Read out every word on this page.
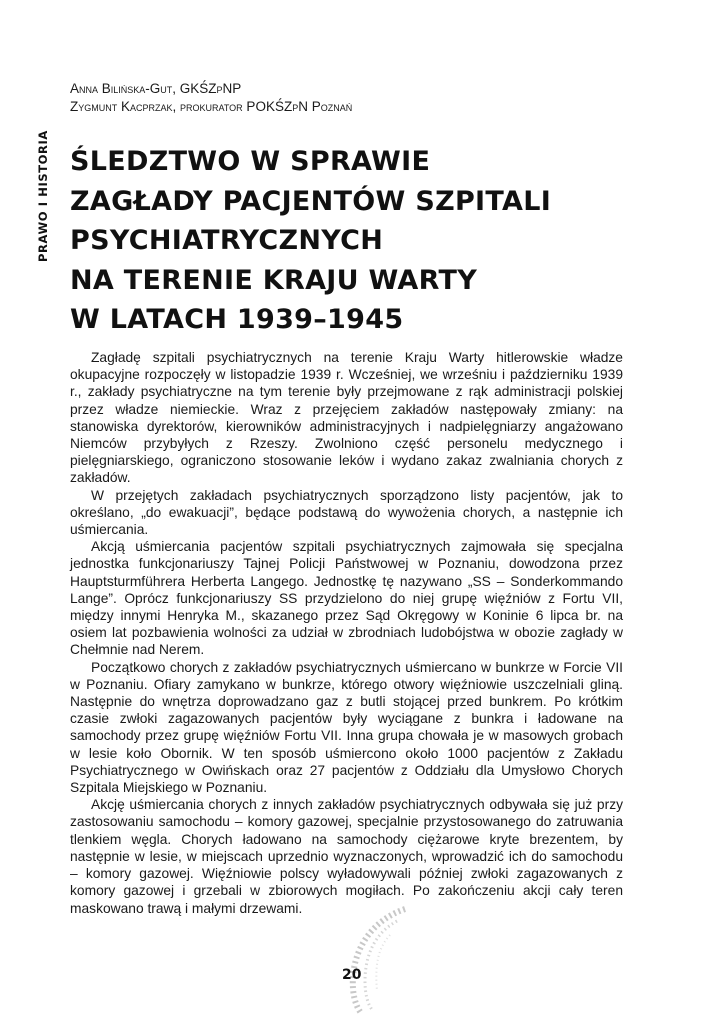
PRAWO I HISTORIA
Anna Bilińska-Gut, GKŚZpNP
Zygmunt Kacprzak, prokurator POKŚZpN Poznań
ŚLEDZTWO W SPRAWIE
ZAGŁADY PACJENTÓW SZPITALI
PSYCHIATRYCZNYCH
NA TERENIE KRAJU WARTY
W LATACH 1939–1945

Zagładę szpitali psychiatrycznych na terenie Kraju Warty hitlerowskie władze okupacyjne rozpoczęły w listopadzie 1939 r. Wcześniej, we wrześniu i październiku 1939 r., zakłady psychiatryczne na tym terenie były przejmowane z rąk administracji polskiej przez władze niemieckie. Wraz z przejęciem zakładów następowały zmiany: na stanowiska dyrektorów, kierowników administracyjnych i nadpielęgniarzy angażowano Niemców przybyłych z Rzeszy. Zwolniono część personelu medycznego i pielęgniarskiego, ograniczono stosowanie leków i wydano zakaz zwalniania chorych z zakładów.

W przejętych zakładach psychiatrycznych sporządzono listy pacjentów, jak to określano, „do ewakuacji”, będące podstawą do wywożenia chorych, a następnie ich uśmiercania.

Akcją uśmiercania pacjentów szpitali psychiatrycznych zajmowała się specjalna jednostka funkcjonariuszy Tajnej Policji Państwowej w Poznaniu, dowodzona przez Hauptsturmführera Herberta Langego. Jednostkę tę nazywano „SS – Sonderkommando Lange”. Oprócz funkcjonariuszy SS przydzielono do niej grupę więźniów z Fortu VII, między innymi Henryka M., skazanego przez Sąd Okręgowy w Koninie 6 lipca br. na osiem lat pozbawienia wolności za udział w zbrodniach ludobójstwa w obozie zagłady w Chełmnie nad Nerem.

Początkowo chorych z zakładów psychiatrycznych uśmiercano w bunkrze w Forcie VII w Poznaniu. Ofiary zamykano w bunkrze, którego otwory więźniowie uszczelniali gliną. Następnie do wnętrza doprowadzano gaz z butli stojącej przed bunkrem. Po krótkim czasie zwłoki zagazowanych pacjentów były wyciągane z bunkra i ładowane na samochody przez grupę więźniów Fortu VII. Inna grupa chowała je w masowych grobach w lesie koło Obornik. W ten sposób uśmiercono około 1000 pacjentów z Zakładu Psychiatrycznego w Owińskach oraz 27 pacjentów z Oddziału dla Umysłowo Chorych Szpitala Miejskiego w Poznaniu.

Akcję uśmiercania chorych z innych zakładów psychiatrycznych odbywała się już przy zastosowaniu samochodu – komory gazowej, specjalnie przystosowanego do zatruwania tlenkiem węgla. Chorych ładowano na samochody ciężarowe kryte brezentem, by następnie w lesie, w miejscach uprzednio wyznaczonych, wprowadzić ich do samochodu – komory gazowej. Więźniowie polscy wyładowywali później zwłoki zagazowanych z komory gazowej i grzebali w zbiorowych mogiłach. Po zakończeniu akcji cały teren maskowano trawą i małymi drzewami.

20
